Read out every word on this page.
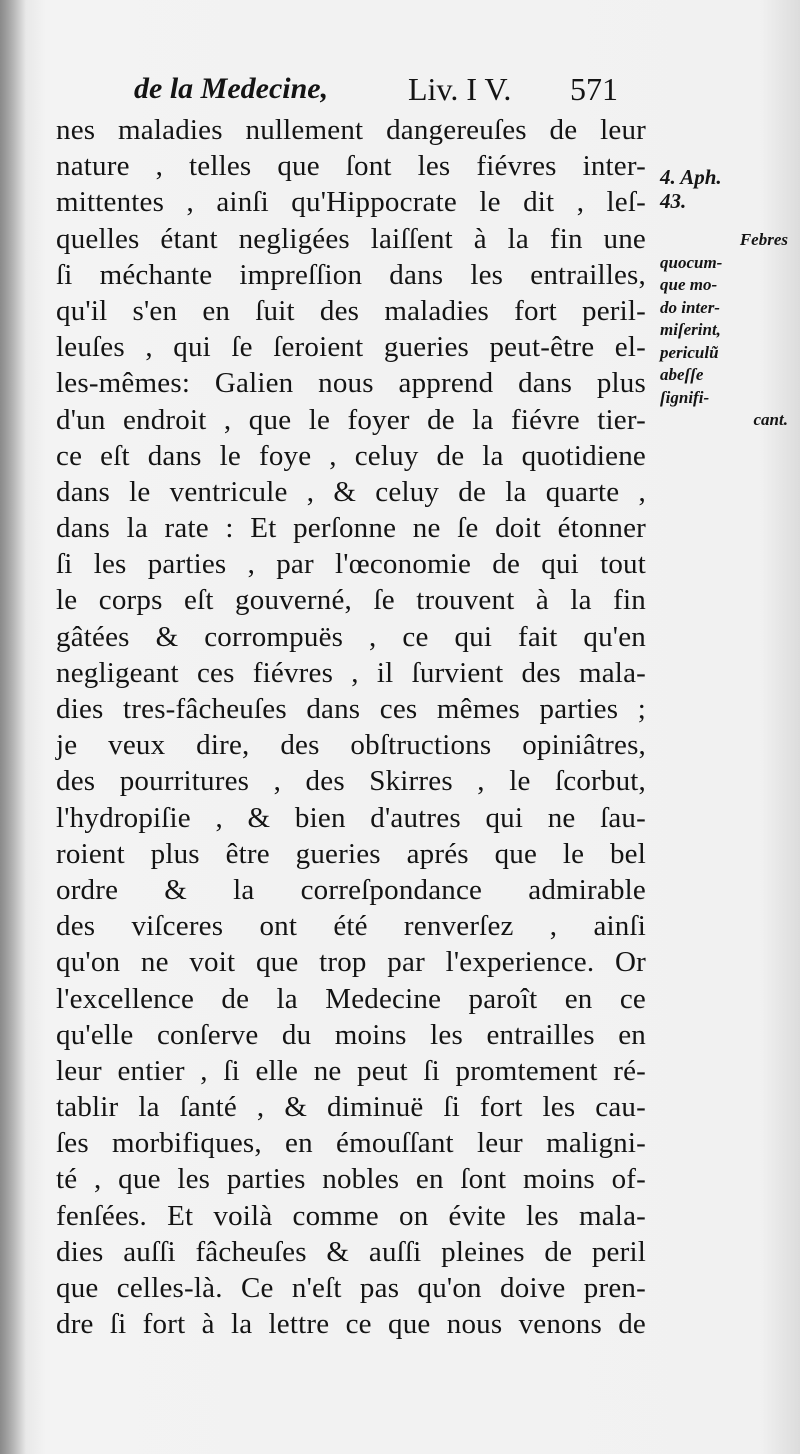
de la Medecine, Liv. I V. 571
nes maladies nullement dangereuſes de leur
nature , telles que ſont les fiévres inter-
mittentes , ainſi qu'Hippocrate le dit , leſ-
quelles étant negligées laiſſent à la fin une
ſi méchante impreſſion dans les entrailles,
qu'il s'en en ſuit des maladies fort peril-
leuſes , qui ſe ſeroient gueries peut-être el-
les-mêmes: Galien nous apprend dans plus
d'un endroit , que le foyer de la fiévre tier-
ce eſt dans le foye , celuy de la quotidiene
dans le ventricule , & celuy de la quarte ,
dans la rate : Et perſonne ne ſe doit étonner
ſi les parties , par l'œconomie de qui tout
le corps eſt gouverné, ſe trouvent à la fin
gâtées & corrompuës , ce qui fait qu'en
negligeant ces fiévres , il ſurvient des mala-
dies tres-fâcheuſes dans ces mêmes parties ;
je veux dire, des obſtructions opiniâtres,
des pourritures , des Skirres , le ſcorbut,
l'hydropiſie , & bien d'autres qui ne ſau-
roient plus être gueries aprés que le bel
ordre & la correſpondance admirable
des viſceres ont été renverſez , ainſi
qu'on ne voit que trop par l'experience. Or
l'excellence de la Medecine paroît en ce
qu'elle conſerve du moins les entrailles en
leur entier , ſi elle ne peut ſi promtement ré-
tablir la ſanté , & diminuë ſi fort les cau-
ſes morbifiques, en émouſſant leur maligni-
té , que les parties nobles en ſont moins of-
fenſées. Et voilà comme on évite les mala-
dies auſſi fâcheuſes & auſſi pleines de peril
que celles-là. Ce n'eſt pas qu'on doive pren-
dre ſi fort à la lettre ce que nous venons de
4. Aph.
43.
Febres
quocum-
que mo-
do inter-
miſerint,
periculũ
abeſſe
ſignifi-
cant.
